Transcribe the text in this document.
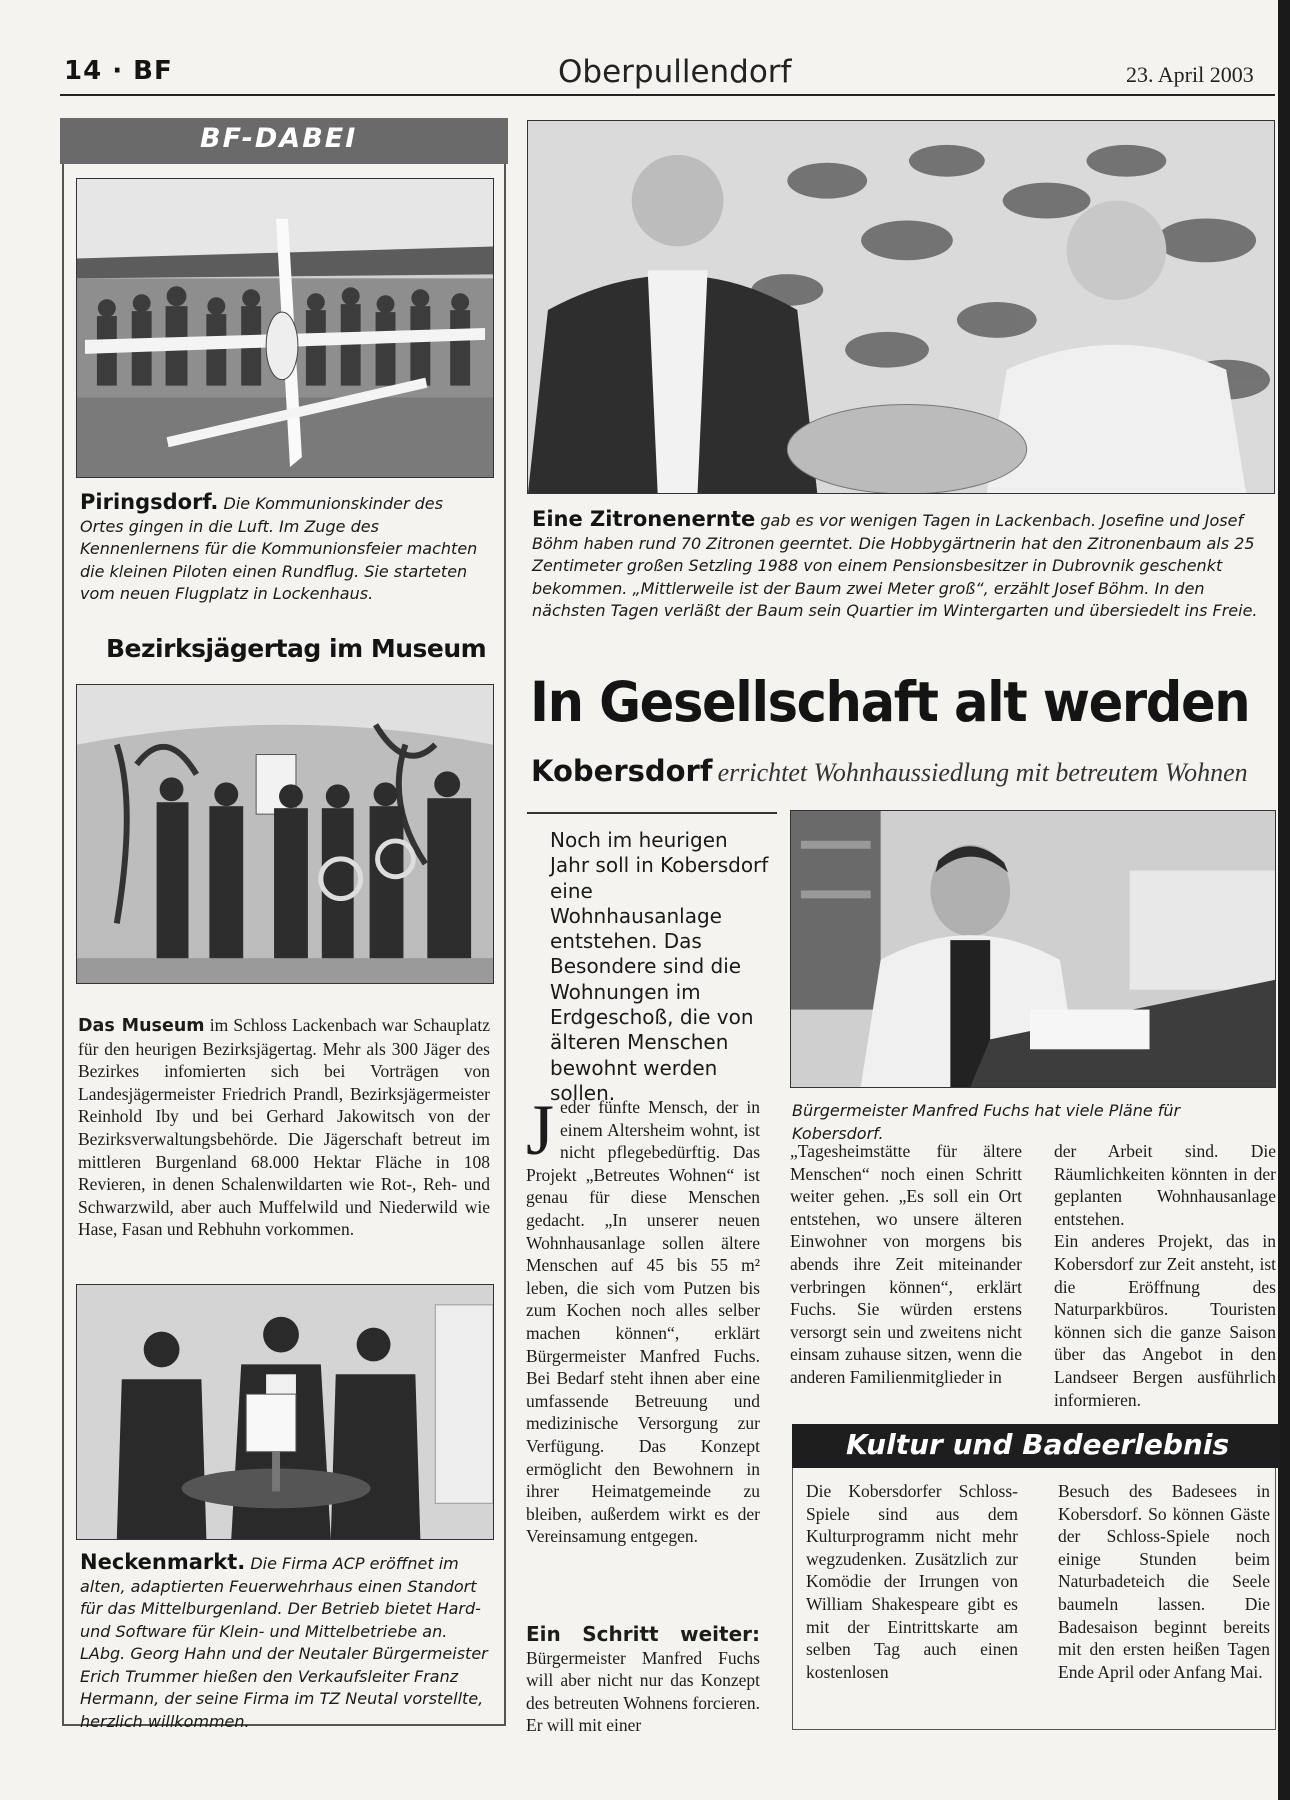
14 · BF	Oberpullendorf	23. April 2003
BF-DABEI
Piringsdorf. Die Kommunionskinder des Ortes gingen in die Luft. Im Zuge des Kennenlernens für die Kommunionsfeier machten die kleinen Piloten einen Rundflug. Sie starteten vom neuen Flugplatz in Lockenhaus.
Bezirksjägertag im Museum
Das Museum im Schloss Lackenbach war Schauplatz für den heurigen Bezirksjägertag. Mehr als 300 Jäger des Bezirkes infomierten sich bei Vorträgen von Landesjägermeister Friedrich Prandl, Bezirksjägermeister Reinhold Iby und bei Gerhard Jakowitsch von der Bezirksverwaltungsbehörde. Die Jägerschaft betreut im mittleren Burgenland 68.000 Hektar Fläche in 108 Revieren, in denen Schalenwildarten wie Rot-, Reh- und Schwarzwild, aber auch Muffelwild und Niederwild wie Hase, Fasan und Rebhuhn vorkommen.
Neckenmarkt. Die Firma ACP eröffnet im alten, adaptierten Feuerwehrhaus einen Standort für das Mittelburgenland. Der Betrieb bietet Hard- und Software für Klein- und Mittelbetriebe an. LAbg. Georg Hahn und der Neutaler Bürgermeister Erich Trummer hießen den Verkaufsleiter Franz Hermann, der seine Firma im TZ Neutal vorstellte, herzlich willkommen.
Eine Zitronenernte gab es vor wenigen Tagen in Lackenbach. Josefine und Josef Böhm haben rund 70 Zitronen geerntet. Die Hobbygärtnerin hat den Zitronenbaum als 25 Zentimeter großen Setzling 1988 von einem Pensionsbesitzer in Dubrovnik geschenkt bekommen. „Mittlerweile ist der Baum zwei Meter groß“, erzählt Josef Böhm. In den nächsten Tagen verläßt der Baum sein Quartier im Wintergarten und übersiedelt ins Freie.
In Gesellschaft alt werden
Kobersdorf errichtet Wohnhaussiedlung mit betreutem Wohnen
Noch im heurigen Jahr soll in Kobersdorf eine Wohnhausanlage entstehen. Das Besondere sind die Wohnungen im Erdgeschoß, die von älteren Menschen bewohnt werden sollen.
Bürgermeister Manfred Fuchs hat viele Pläne für Kobersdorf.
Jeder fünfte Mensch, der in einem Altersheim wohnt, ist nicht pflegebedürftig. Das Projekt „Betreutes Wohnen“ ist genau für diese Menschen gedacht. „In unserer neuen Wohnhausanlage sollen ältere Menschen auf 45 bis 55 m² leben, die sich vom Putzen bis zum Kochen noch alles selber machen können“, erklärt Bürgermeister Manfred Fuchs. Bei Bedarf steht ihnen aber eine umfassende Betreuung und medizinische Versorgung zur Verfügung. Das Konzept ermöglicht den Bewohnern in ihrer Heimatgemeinde zu bleiben, außerdem wirkt es der Vereinsamung entgegen.
Ein Schritt weiter: Bürgermeister Manfred Fuchs will aber nicht nur das Konzept des betreuten Wohnens forcieren. Er will mit einer
„Tagesheimstätte für ältere Menschen“ noch einen Schritt weiter gehen. „Es soll ein Ort entstehen, wo unsere älteren Einwohner von morgens bis abends ihre Zeit miteinander verbringen können“, erklärt Fuchs. Sie würden erstens versorgt sein und zweitens nicht einsam zuhause sitzen, wenn die anderen Familienmitglieder in
der Arbeit sind. Die Räumlichkeiten könnten in der geplanten Wohnhausanlage entstehen.
Ein anderes Projekt, das in Kobersdorf zur Zeit ansteht, ist die Eröffnung des Naturparkbüros. Touristen können sich die ganze Saison über das Angebot in den Landseer Bergen ausführlich informieren.
Kultur und Badeerlebnis
Die Kobersdorfer Schloss-Spiele sind aus dem Kulturprogramm nicht mehr wegzudenken. Zusätzlich zur Komödie der Irrungen von William Shakespeare gibt es mit der Eintrittskarte am selben Tag auch einen kostenlosen
Besuch des Badesees in Kobersdorf. So können Gäste der Schloss-Spiele noch einige Stunden beim Naturbadeteich die Seele baumeln lassen. Die Badesaison beginnt bereits mit den ersten heißen Tagen Ende April oder Anfang Mai.
